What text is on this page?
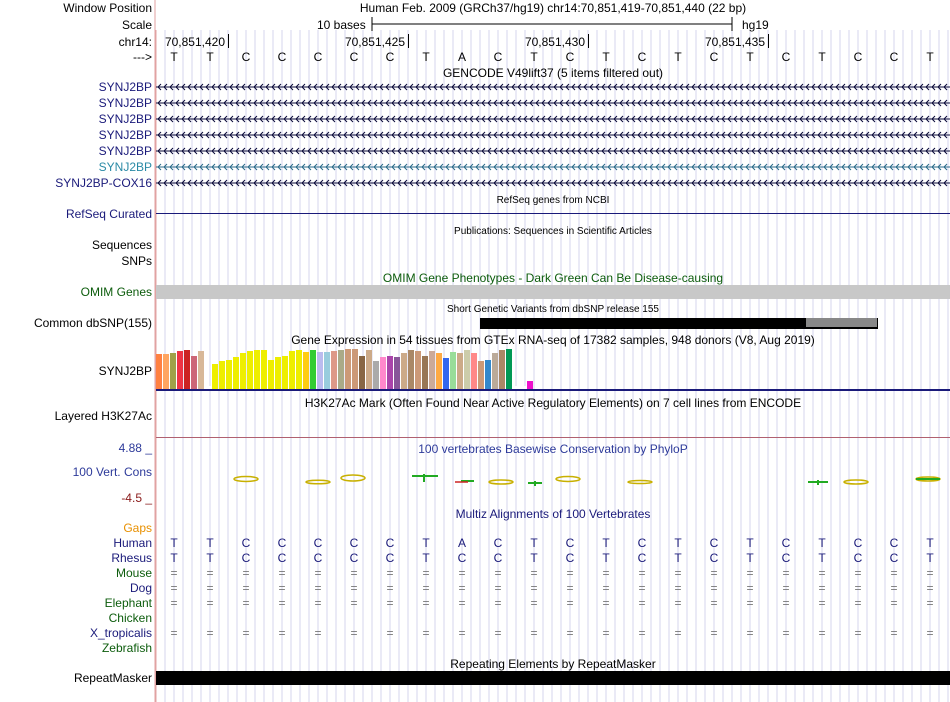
Window Position	Human Feb. 2009 (GRCh37/hg19) chr14:70,851,419-70,851,440 (22 bp)
Scale	10 bases	hg19
chr14: 70,851,420	70,851,425	70,851,430	70,851,435
--->	T	T	C	C	C	C	C	T	A	C	T	C	T	C	T	C	T	C	T	C	C	T
GENCODE V49lift37 (5 items filtered out)
SYNJ2BP
SYNJ2BP
SYNJ2BP
SYNJ2BP
SYNJ2BP
SYNJ2BP
SYNJ2BP-COX16
RefSeq genes from NCBI
RefSeq Curated
Publications: Sequences in Scientific Articles
Sequences
SNPs
OMIM Gene Phenotypes - Dark Green Can Be Disease-causing
OMIM Genes
Short Genetic Variants from dbSNP release 155
Common dbSNP(155)
Gene Expression in 54 tissues from GTEx RNA-seq of 17382 samples, 948 donors (V8, Aug 2019)
SYNJ2BP
H3K27Ac Mark (Often Found Near Active Regulatory Elements) on 7 cell lines from ENCODE
Layered H3K27Ac
100 vertebrates Basewise Conservation by PhyloP
4.88 _
100 Vert. Cons
-4.5 _
Multiz Alignments of 100 Vertebrates
Gaps
Human	T	T	C	C	C	C	C	T	A	C	T	C	T	C	T	C	T	C	T	C	C	T
Rhesus	T	T	C	C	C	C	C	T	C	C	T	C	T	C	T	C	T	C	T	C	C	T
Mouse	=	=	=	=	=	=	=	=	=	=	=	=	=	=	=	=	=	=	=	=	=	=
Dog	=	=	=	=	=	=	=	=	=	=	=	=	=	=	=	=	=	=	=	=	=	=
Elephant	=	=	=	=	=	=	=	=	=	=	=	=	=	=	=	=	=	=	=	=	=	=
Chicken
X_tropicalis	=	=	=	=	=	=	=	=	=	=	=	=	=	=	=	=	=	=	=	=	=	=
Zebrafish
Repeating Elements by RepeatMasker
RepeatMasker
